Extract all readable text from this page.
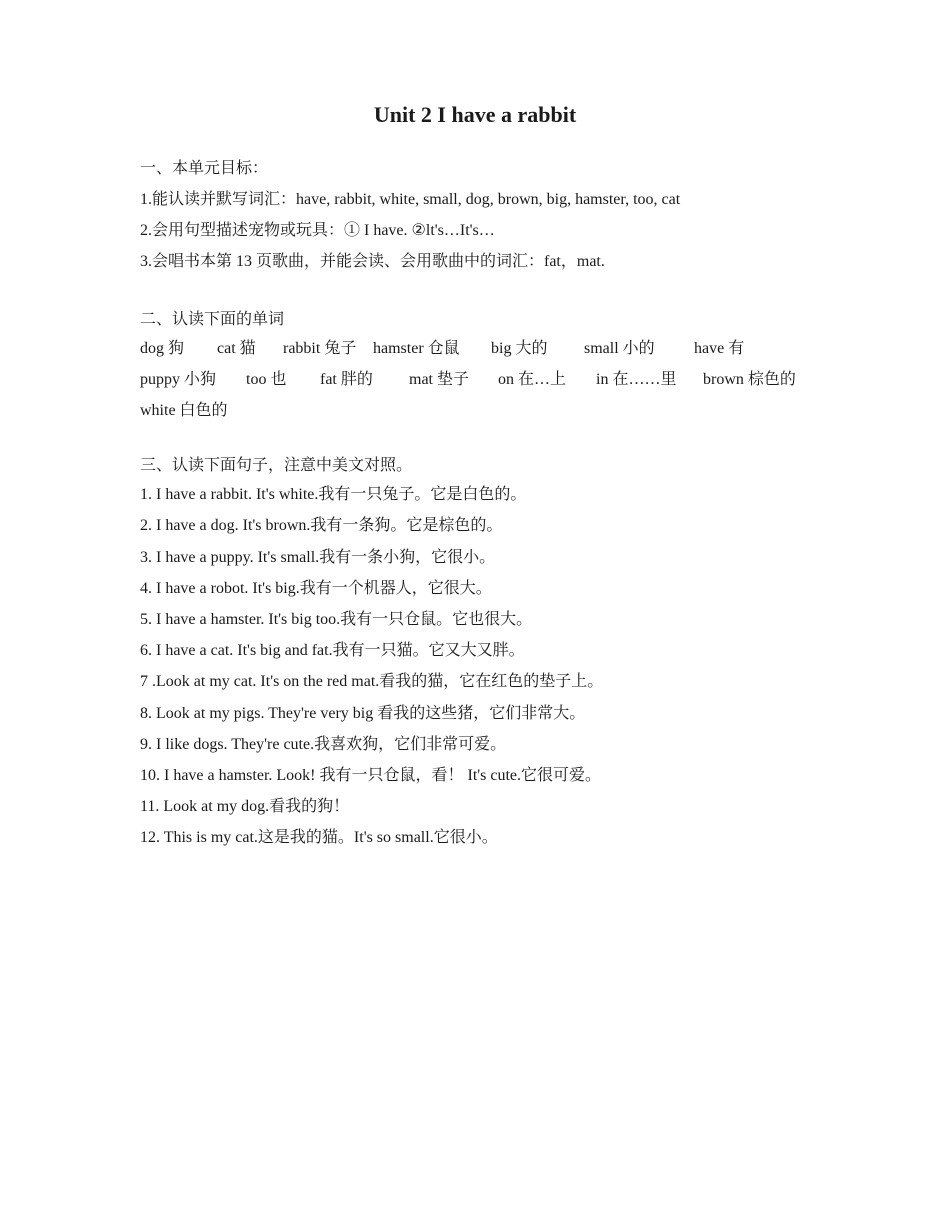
Unit 2 I have a rabbit
一、本单元目标：
1.能认读并默写词汇：have, rabbit, white, small, dog, brown, big, hamster, too, cat
2.会用句型描述宠物或玩具：① I have. ②lt's…It's…
3.会唱书本第 13 页歌曲，并能会读、会用歌曲中的词汇：fat，mat.
二、认读下面的单词
dog 狗 cat 猫 rabbit 兔子 hamster 仓鼠 big 大的 small 小的 have 有
puppy 小狗 too 也 fat 胖的 mat 垫子 on 在…上 in 在……里 brown 棕色的
white 白色的
三、认读下面句子，注意中美文对照。
1. I have a rabbit. It's white.我有一只兔子。它是白色的。
2. I have a dog. It's brown.我有一条狗。它是棕色的。
3. I have a puppy. It's small.我有一条小狗，它很小。
4. I have a robot. It's big.我有一个机器人，它很大。
5. I have a hamster. It's big too.我有一只仓鼠。它也很大。
6. I have a cat. It's big and fat.我有一只猫。它又大又胖。
7 .Look at my cat. It's on the red mat.看我的猫，它在红色的垫子上。
8. Look at my pigs. They're very big 看我的这些猪，它们非常大。
9. I like dogs. They're cute.我喜欢狗，它们非常可爱。
10. I have a hamster. Look! 我有一只仓鼠，看！ It's cute.它很可爱。
11. Look at my dog.看我的狗！
12. This is my cat.这是我的猫。It's so small.它很小。
